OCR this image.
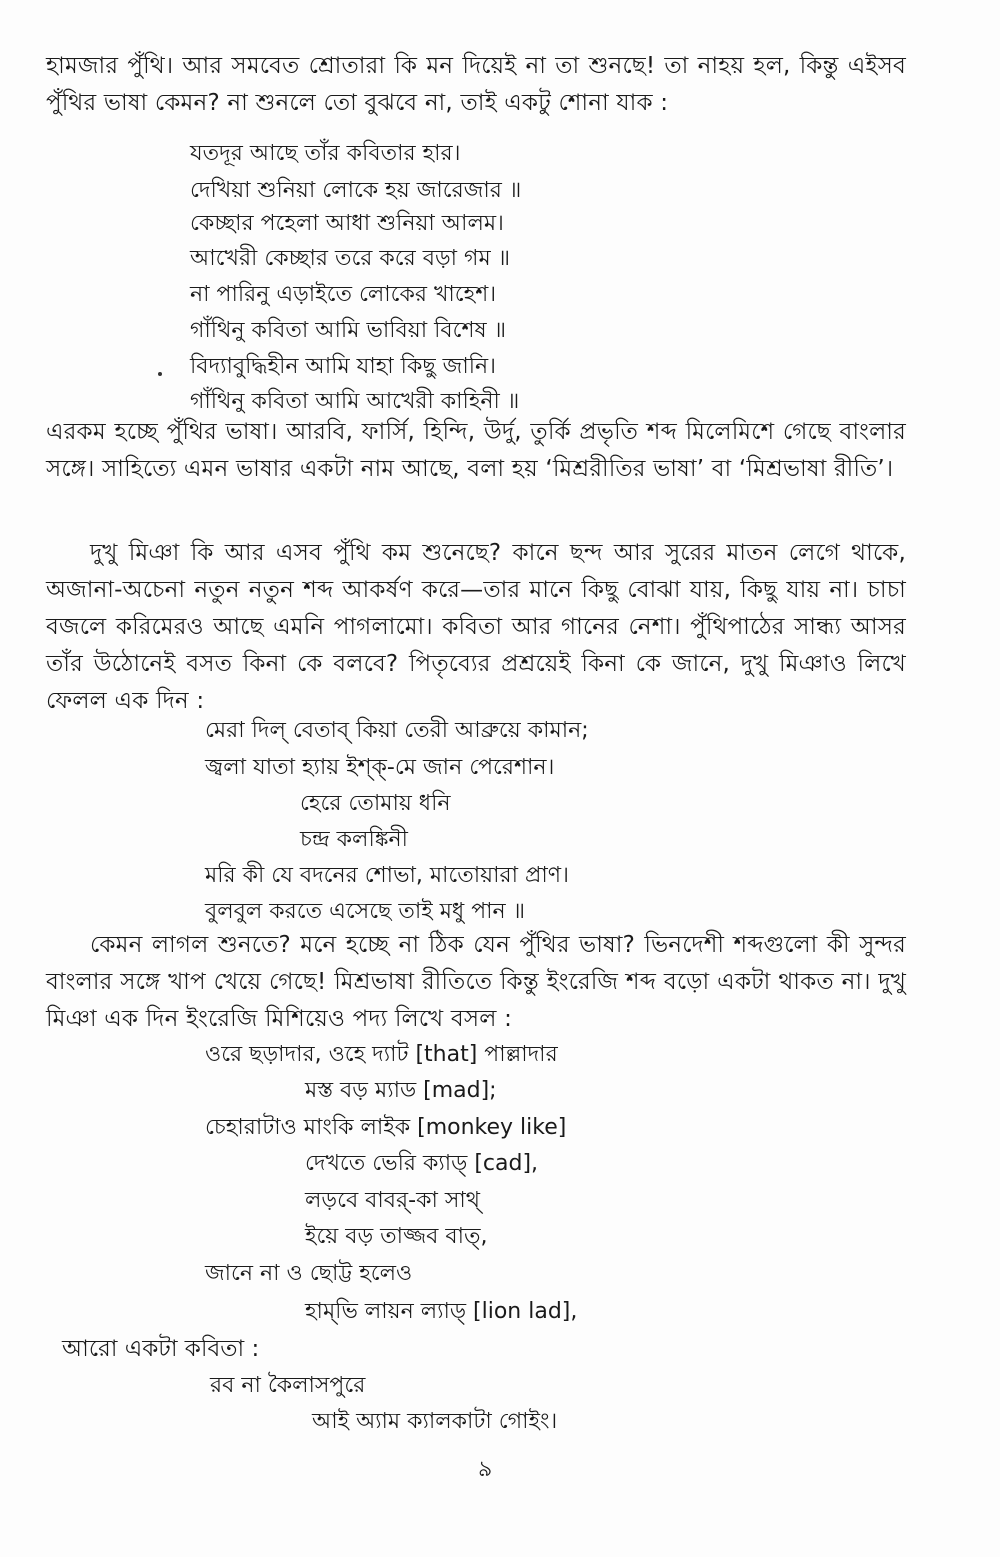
হামজার পুঁথি। আর সমবেত শ্রোতারা কি মন দিয়েই না তা শুনছে! তা নাহয় হল, কিন্তু এইসব পুঁথির ভাষা কেমন? না শুনলে তো বুঝবে না, তাই একটু শোনা যাক :
যতদূর আছে তাঁর কবিতার হার।
দেখিয়া শুনিয়া লোকে হয় জারেজার ॥
কেচ্ছার পহেলা আধা শুনিয়া আলম।
আখেরী কেচ্ছার তরে করে বড়া গম ॥
না পারিনু এড়াইতে লোকের খাহেশ।
গাঁথিনু কবিতা আমি ভাবিয়া বিশেষ ॥
বিদ্যাবুদ্ধিহীন আমি যাহা কিছু জানি।
গাঁথিনু কবিতা আমি আখেরী কাহিনী ॥
এরকম হচ্ছে পুঁথির ভাষা। আরবি, ফার্সি, হিন্দি, উর্দু, তুর্কি প্রভৃতি শব্দ মিলেমিশে গেছে বাংলার সঙ্গে। সাহিত্যে এমন ভাষার একটা নাম আছে, বলা হয় ‘মিশ্ররীতির ভাষা’ বা ‘মিশ্রভাষা রীতি’।
দুখু মিঞা কি আর এসব পুঁথি কম শুনেছে? কানে ছন্দ আর সুরের মাতন লেগে থাকে, অজানা-অচেনা নতুন নতুন শব্দ আকর্ষণ করে—তার মানে কিছু বোঝা যায়, কিছু যায় না। চাচা বজলে করিমেরও আছে এমনি পাগলামো। কবিতা আর গানের নেশা। পুঁথিপাঠের সান্ধ্য আসর তাঁর উঠোনেই বসত কিনা কে বলবে? পিতৃব্যের প্রশ্রয়েই কিনা কে জানে, দুখু মিঞাও লিখে ফেলল এক দিন :
মেরা দিল্‌ বেতাব্‌ কিয়া তেরী আব্রুয়ে কামান;
জ্বলা যাতা হ্যায় ইশ্‌ক্‌-মে জান পেরেশান।
হেরে তোমায় ধনি
চন্দ্র কলঙ্কিনী
মরি কী যে বদনের শোভা, মাতোয়ারা প্রাণ।
বুলবুল করতে এসেছে তাই মধু পান ॥
কেমন লাগল শুনতে? মনে হচ্ছে না ঠিক যেন পুঁথির ভাষা? ভিনদেশী শব্দগুলো কী সুন্দর বাংলার সঙ্গে খাপ খেয়ে গেছে! মিশ্রভাষা রীতিতে কিন্তু ইংরেজি শব্দ বড়ো একটা থাকত না। দুখু মিঞা এক দিন ইংরেজি মিশিয়েও পদ্য লিখে বসল :
ওরে ছড়াদার, ওহে দ্যাট [that] পাল্লাদার
মস্ত বড় ম্যাড [mad];
চেহারাটাও মাংকি লাইক [monkey like]
দেখতে ভেরি ক্যাড্‌ [cad],
লড়বে বাবর্‌-কা সাথ্‌
ইয়ে বড় তাজ্জব বাত্‌,
জানে না ও ছোট্ট হলেও
হাম্‌ভি লায়ন ল্যাড্‌ [lion lad],
আরো একটা কবিতা :
রব না কৈলাসপুরে
আই অ্যাম ক্যালকাটা গোইং।
৯
